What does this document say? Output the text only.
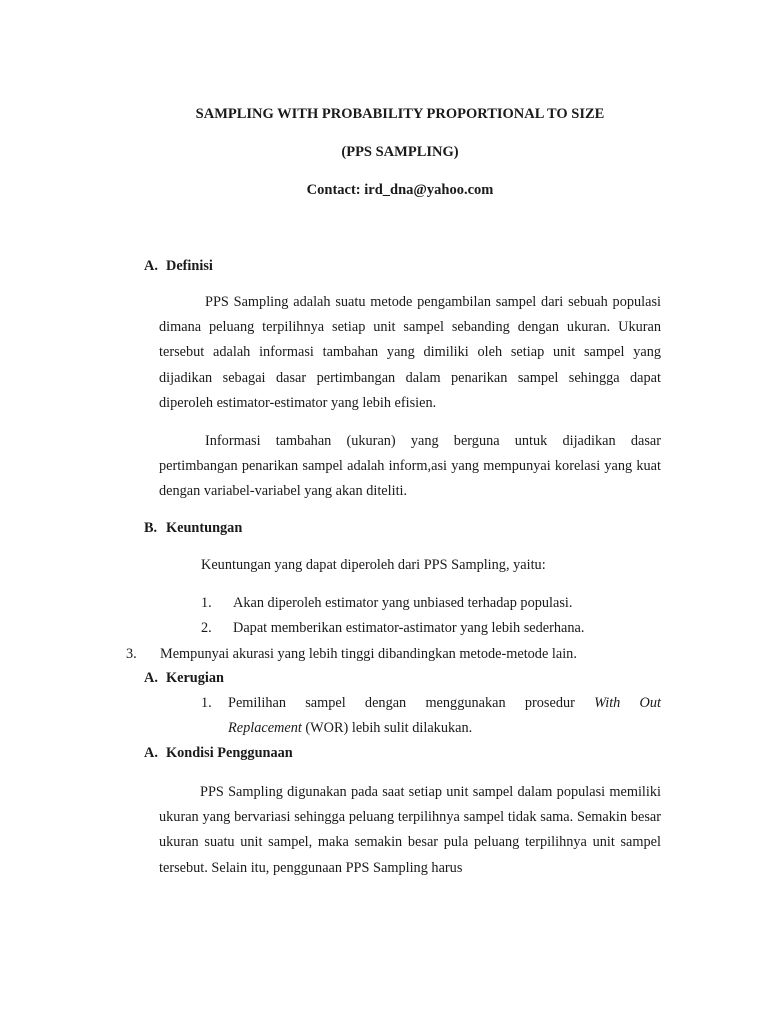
SAMPLING WITH PROBABILITY PROPORTIONAL TO SIZE
(PPS SAMPLING)
Contact: ird_dna@yahoo.com
A. Definisi

PPS Sampling adalah suatu metode pengambilan sampel dari sebuah populasi dimana peluang terpilihnya setiap unit sampel sebanding dengan ukuran. Ukuran tersebut adalah informasi tambahan yang dimiliki oleh setiap unit sampel yang dijadikan sebagai dasar pertimbangan dalam penarikan sampel sehingga dapat diperoleh estimator-estimator yang lebih efisien.

Informasi tambahan (ukuran) yang berguna untuk dijadikan dasar pertimbangan penarikan sampel adalah inform,asi yang mempunyai korelasi yang kuat dengan variabel-variabel yang akan diteliti.

B. Keuntungan
Keuntungan yang dapat diperoleh dari PPS Sampling, yaitu:
1. Akan diperoleh estimator yang unbiased terhadap populasi.
2. Dapat memberikan estimator-astimator yang lebih sederhana.
3. Mempunyai akurasi yang lebih tinggi dibandingkan metode-metode lain.
A. Kerugian
1. Pemilihan sampel dengan menggunakan prosedur With Out
Replacement (WOR) lebih sulit dilakukan.
A. Kondisi Penggunaan

PPS Sampling digunakan pada saat setiap unit sampel dalam populasi memiliki ukuran yang bervariasi sehingga peluang terpilihnya sampel tidak sama. Semakin besar ukuran suatu unit sampel, maka semakin besar pula peluang terpilihnya unit sampel tersebut. Selain itu, penggunaan PPS Sampling harus
